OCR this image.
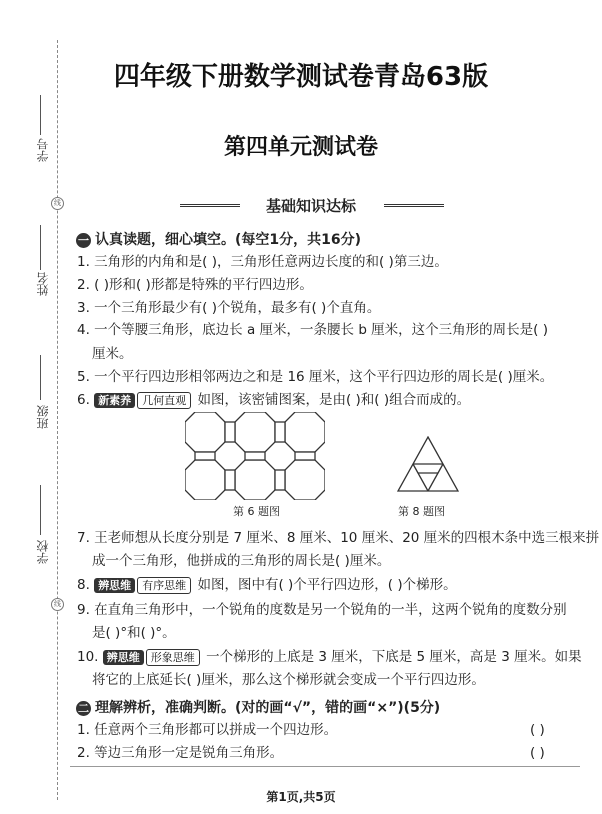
线
线
学号
姓名
班级
学校
四年级下册数学测试卷青岛63版
第四单元测试卷
基础知识达标
一 认真读题，细心填空。(每空1分，共16分)
1. 三角形的内角和是( )，三角形任意两边长度的和( )第三边。
2. ( )形和( )形都是特殊的平行四边形。
3. 一个三角形最少有( )个锐角，最多有( )个直角。
4. 一个等腰三角形，底边长 a 厘米，一条腰长 b 厘米，这个三角形的周长是( )
厘米。
5. 一个平行四边形相邻两边之和是 16 厘米，这个平行四边形的周长是( )厘米。
6. 新素养 几何直观 如图，该密铺图案，是由( )和( )组合而成的。
第 6 题图	第 8 题图
7. 王老师想从长度分别是 7 厘米、8 厘米、10 厘米、20 厘米的四根木条中选三根来拼
成一个三角形，他拼成的三角形的周长是( )厘米。
8. 辨思维 有序思维 如图，图中有( )个平行四边形，( )个梯形。
9. 在直角三角形中，一个锐角的度数是另一个锐角的一半，这两个锐角的度数分别
是( )°和( )°。
10. 辨思维 形象思维 一个梯形的上底是 3 厘米，下底是 5 厘米，高是 3 厘米。如果
将它的上底延长( )厘米，那么这个梯形就会变成一个平行四边形。
二 理解辨析，准确判断。(对的画“√”，错的画“×”)(5分)
1. 任意两个三角形都可以拼成一个四边形。	( )
2. 等边三角形一定是锐角三角形。	( )
第1页,共5页
